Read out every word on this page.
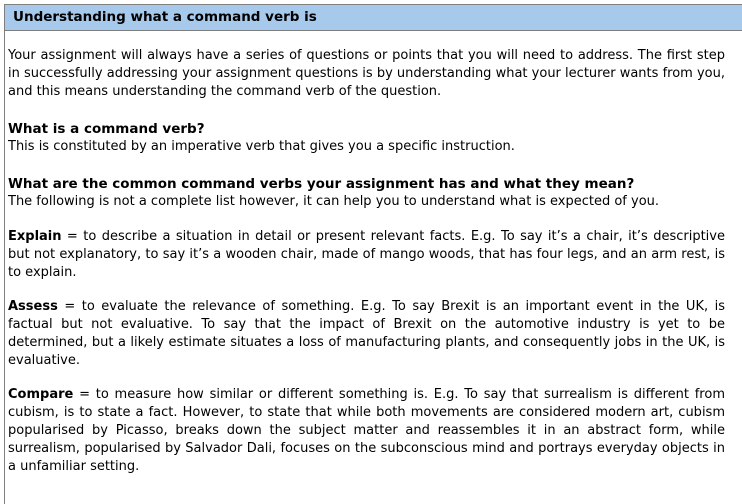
Understanding what a command verb is

Your assignment will always have a series of questions or points that you will need to address. The first step in successfully addressing your assignment questions is by understanding what your lecturer wants from you, and this means understanding the command verb of the question.

What is a command verb?

This is constituted by an imperative verb that gives you a specific instruction.

What are the common command verbs your assignment has and what they mean?

The following is not a complete list however, it can help you to understand what is expected of you.

Explain = to describe a situation in detail or present relevant facts. E.g. To say it’s a chair, it’s descriptive but not explanatory, to say it’s a wooden chair, made of mango woods, that has four legs, and an arm rest, is to explain.

Assess = to evaluate the relevance of something. E.g. To say Brexit is an important event in the UK, is factual but not evaluative. To say that the impact of Brexit on the automotive industry is yet to be determined, but a likely estimate situates a loss of manufacturing plants, and consequently jobs in the UK, is evaluative.

Compare = to measure how similar or different something is. E.g. To say that surrealism is different from cubism, is to state a fact. However, to state that while both movements are considered modern art, cubism popularised by Picasso, breaks down the subject matter and reassembles it in an abstract form, while surrealism, popularised by Salvador Dali, focuses on the subconscious mind and portrays everyday objects in a unfamiliar setting.
